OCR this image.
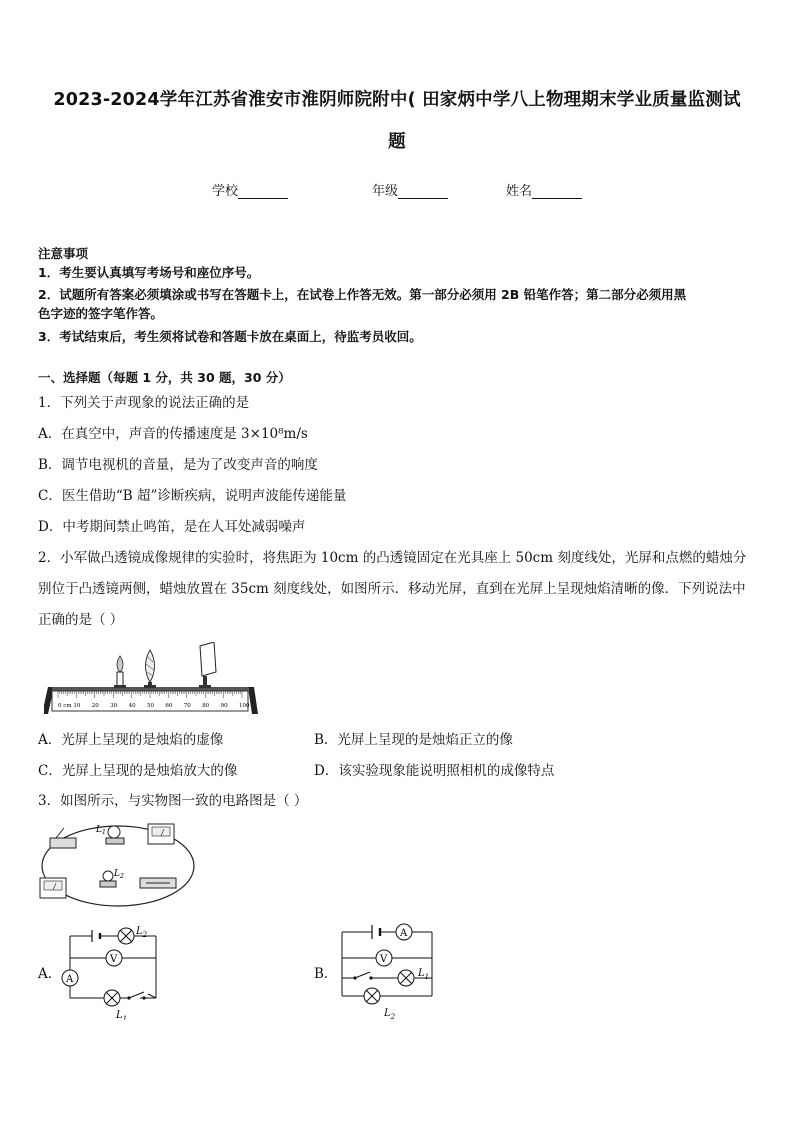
2023-2024学年江苏省淮安市淮阴师院附中( 田家炳中学八上物理期末学业质量监测试
题
学校	年级	姓名
注意事项
1．考生要认真填写考场号和座位序号。
2．试题所有答案必须填涂或书写在答题卡上，在试卷上作答无效。第一部分必须用 2B 铅笔作答；第二部分必须用黑
色字迹的签字笔作答。
3．考试结束后，考生须将试卷和答题卡放在桌面上，待监考员收回。
一、选择题（每题 1 分，共 30 题，30 分）
1．下列关于声现象的说法正确的是
A．在真空中，声音的传播速度是 3×10⁸m/s
B．调节电视机的音量，是为了改变声音的响度
C．医生借助“B 超”诊断疾病，说明声波能传递能量
D．中考期间禁止鸣笛，是在人耳处减弱噪声
2．小军做凸透镜成像规律的实验时，将焦距为 10cm 的凸透镜固定在光具座上 50cm 刻度线处，光屏和点燃的蜡烛分
别位于凸透镜两侧，蜡烛放置在 35cm 刻度线处，如图所示．移动光屏，直到在光屏上呈现烛焰清晰的像．下列说法中
正确的是（ ）
0 cm 10 20 30 40 50 60 70 80 90 100
A．光屏上呈现的是烛焰的虚像	B．光屏上呈现的是烛焰正立的像
C．光屏上呈现的是烛焰放大的像	D．该实验现象能说明照相机的成像特点
3．如图所示，与实物图一致的电路图是（ ）
$L_1$
$L_2$
A．
$L_2$
V
A
$L_1$
B．
A
V
$L_1$
$L_2$
